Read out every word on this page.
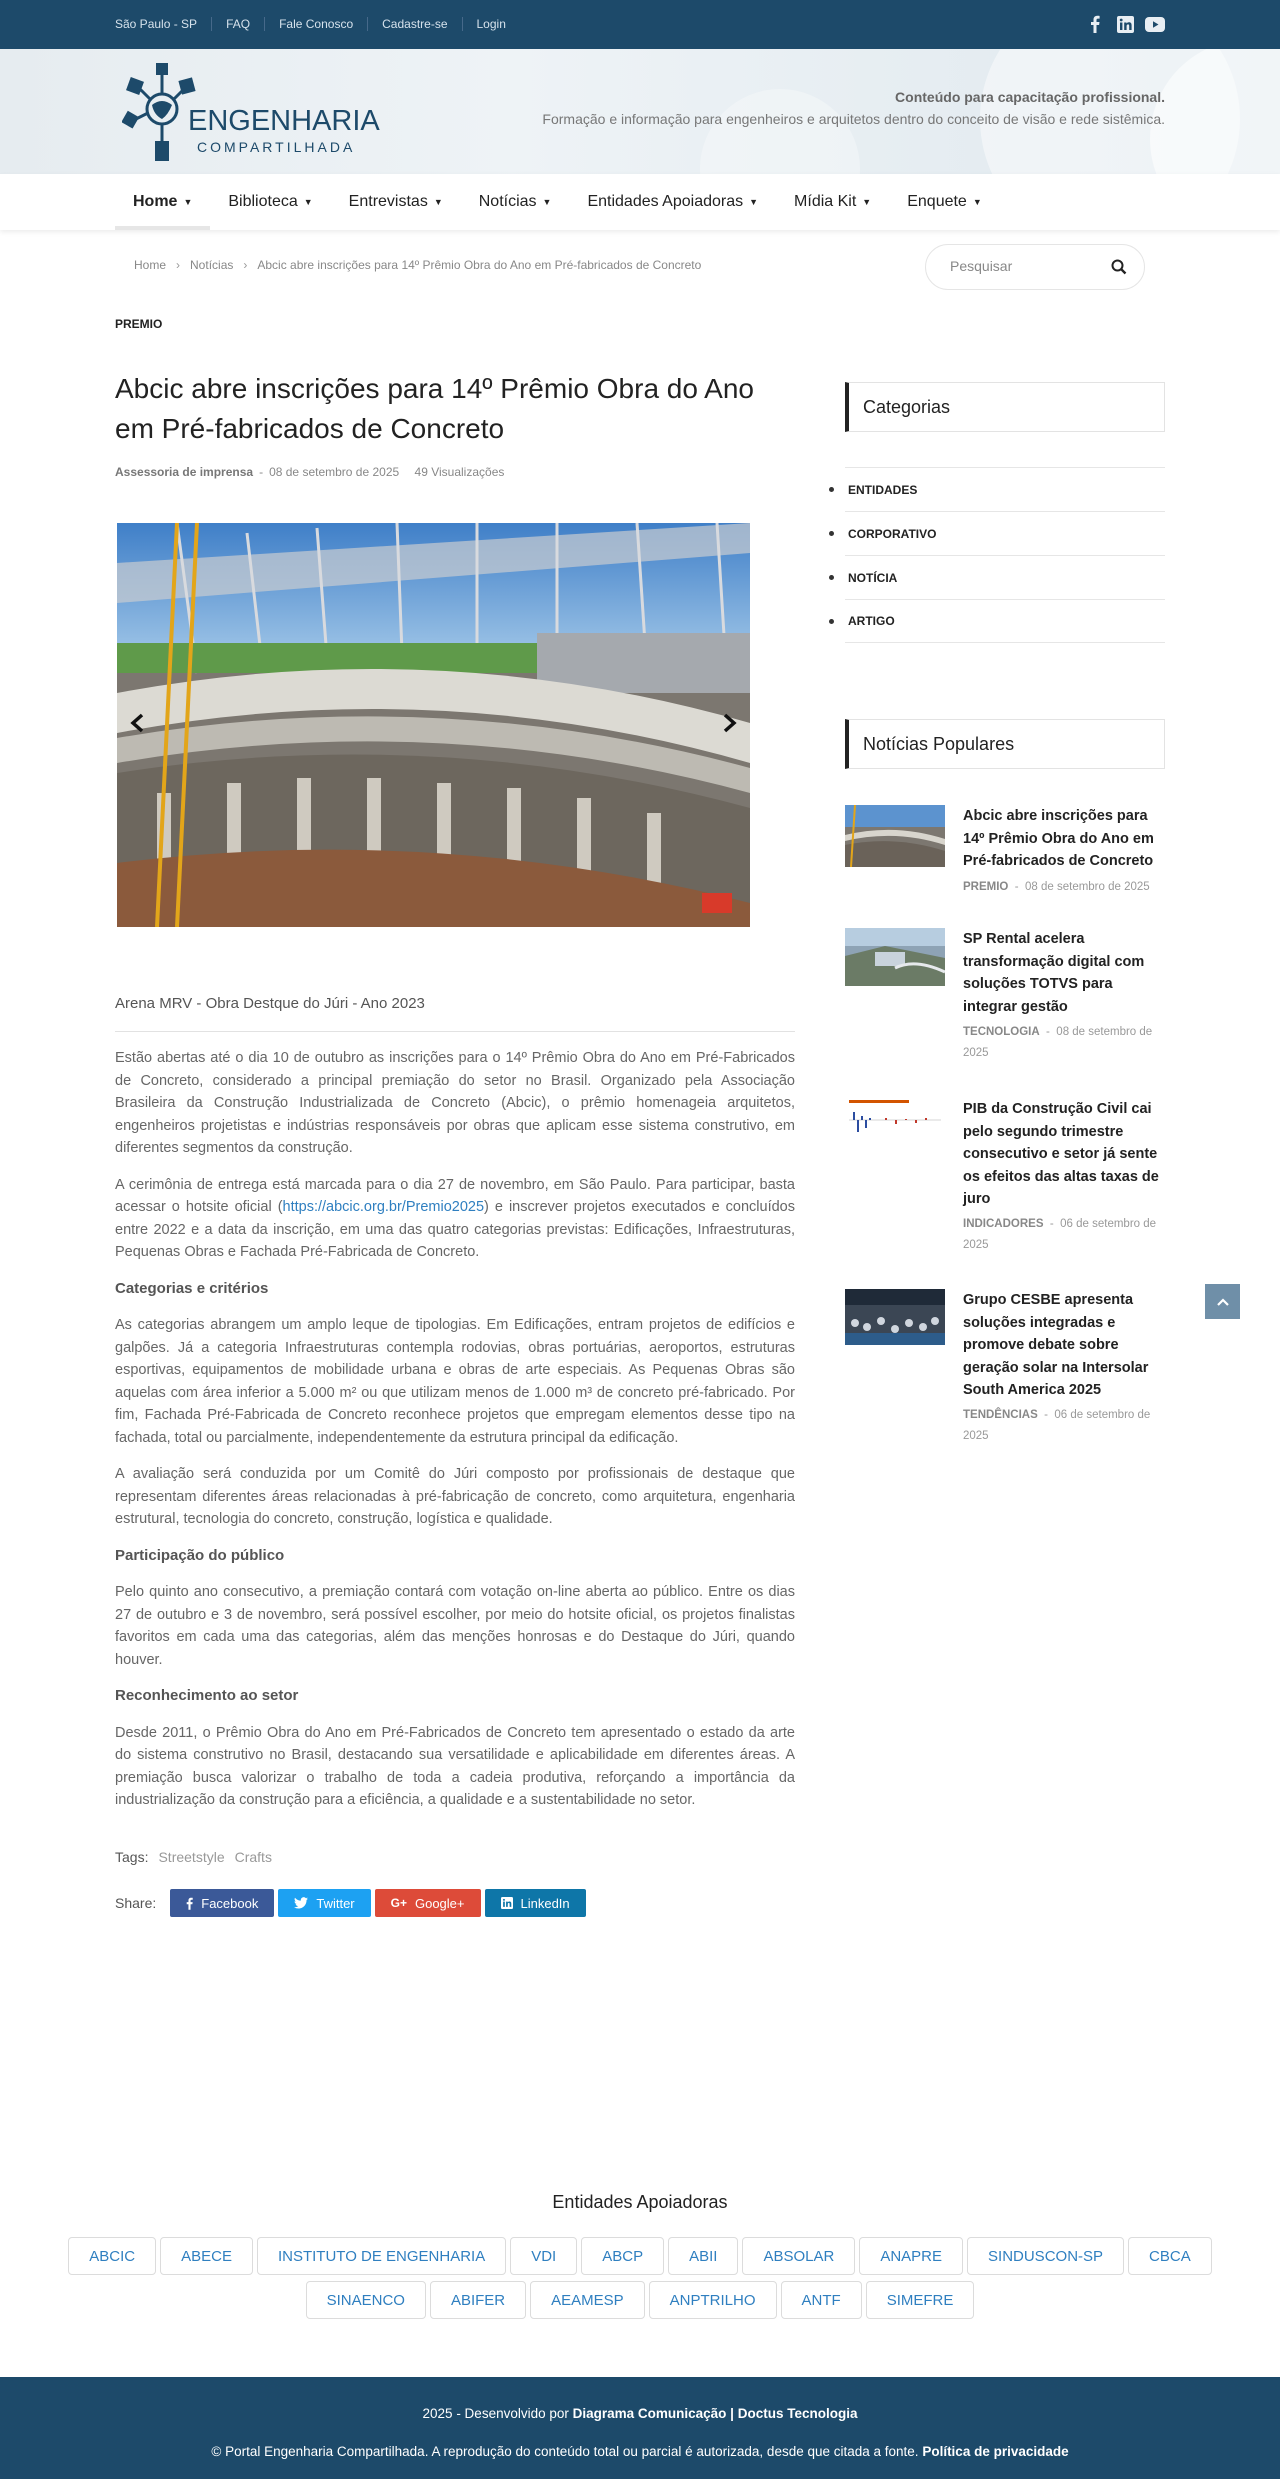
São Paulo - SP	FAQ	Fale Conosco	Cadastre-se	Login
ENGENHARIA
COMPARTILHADA
Conteúdo para capacitação profissional.
Formação e informação para engenheiros e arquitetos dentro do conceito de visão e rede sistêmica.
Home ▼ Biblioteca ▼ Entrevistas ▼ Notícias ▼ Entidades Apoiadoras ▼ Mídia Kit ▼ Enquete ▼
Home › Notícias › Abcic abre inscrições para 14º Prêmio Obra do Ano em Pré-fabricados de Concreto
Pesquisar
PREMIO
Abcic abre inscrições para 14º Prêmio Obra do Ano em Pré-fabricados de Concreto
Assessoria de imprensa - 08 de setembro de 2025
49 Visualizações
Arena MRV - Obra Destque do Júri - Ano 2023

Estão abertas até o dia 10 de outubro as inscrições para o 14º Prêmio Obra do Ano em Pré-Fabricados de Concreto, considerado a principal premiação do setor no Brasil. Organizado pela Associação Brasileira da Construção Industrializada de Concreto (Abcic), o prêmio homenageia arquitetos, engenheiros projetistas e indústrias responsáveis por obras que aplicam esse sistema construtivo, em diferentes segmentos da construção.

A cerimônia de entrega está marcada para o dia 27 de novembro, em São Paulo. Para participar, basta acessar o hotsite oficial (https://abcic.org.br/Premio2025) e inscrever projetos executados e concluídos entre 2022 e a data da inscrição, em uma das quatro categorias previstas: Edificações, Infraestruturas, Pequenas Obras e Fachada Pré-Fabricada de Concreto.

Categorias e critérios

As categorias abrangem um amplo leque de tipologias. Em Edificações, entram projetos de edifícios e galpões. Já a categoria Infraestruturas contempla rodovias, obras portuárias, aeroportos, estruturas esportivas, equipamentos de mobilidade urbana e obras de arte especiais. As Pequenas Obras são aquelas com área inferior a 5.000 m² ou que utilizam menos de 1.000 m³ de concreto pré-fabricado. Por fim, Fachada Pré-Fabricada de Concreto reconhece projetos que empregam elementos desse tipo na fachada, total ou parcialmente, independentemente da estrutura principal da edificação.

A avaliação será conduzida por um Comitê do Júri composto por profissionais de destaque que representam diferentes áreas relacionadas à pré-fabricação de concreto, como arquitetura, engenharia estrutural, tecnologia do concreto, construção, logística e qualidade.

Participação do público

Pelo quinto ano consecutivo, a premiação contará com votação on-line aberta ao público. Entre os dias 27 de outubro e 3 de novembro, será possível escolher, por meio do hotsite oficial, os projetos finalistas favoritos em cada uma das categorias, além das menções honrosas e do Destaque do Júri, quando houver.

Reconhecimento ao setor

Desde 2011, o Prêmio Obra do Ano em Pré-Fabricados de Concreto tem apresentado o estado da arte do sistema construtivo no Brasil, destacando sua versatilidade e aplicabilidade em diferentes áreas. A premiação busca valorizar o trabalho de toda a cadeia produtiva, reforçando a importância da industrialização da construção para a eficiência, a qualidade e a sustentabilidade no setor.

Tags: Streetstyle Crafts
Share:	Facebook	Twitter	G+ Google+	LinkedIn
Categorias
ENTIDADES
CORPORATIVO
NOTÍCIA
ARTIGO
Notícias Populares
Abcic abre inscrições para 14º Prêmio Obra do Ano em Pré-fabricados de Concreto
PREMIO  -  08 de setembro de 2025
SP Rental acelera transformação digital com soluções TOTVS para integrar gestão
TECNOLOGIA  -  08 de setembro de 2025
PIB da Construção Civil cai pelo segundo trimestre consecutivo e setor já sente os efeitos das altas taxas de juro
INDICADORES  -  06 de setembro de 2025
Grupo CESBE apresenta soluções integradas e promove debate sobre geração solar na Intersolar South America 2025
TENDÊNCIAS  -  06 de setembro de 2025
Entidades Apoiadoras
ABCIC	ABECE	INSTITUTO DE ENGENHARIA	VDI	ABCP	ABII	ABSOLAR	ANAPRE	SINDUSCON-SP	CBCA
SINAENCO	ABIFER	AEAMESP	ANPTRILHO	ANTF	SIMEFRE
2025 - Desenvolvido por Diagrama Comunicação | Doctus Tecnologia
© Portal Engenharia Compartilhada. A reprodução do conteúdo total ou parcial é autorizada, desde que citada a fonte. Política de privacidade
